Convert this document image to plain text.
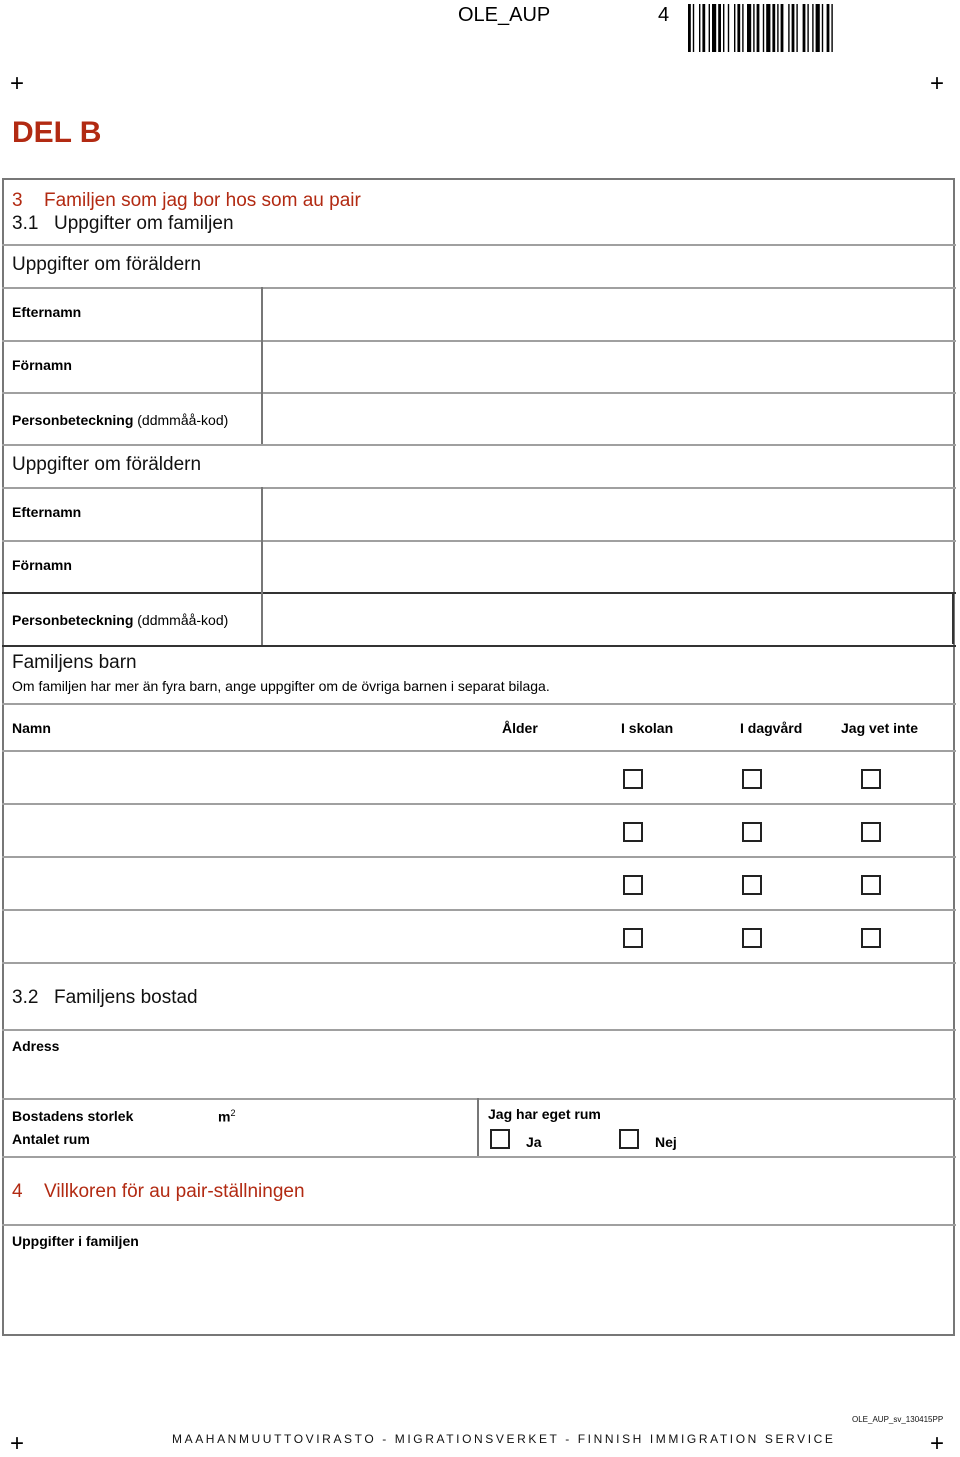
OLE_AUP	4
+	+
+	+
DEL B
3 Familjen som jag bor hos som au pair
3.1 Uppgifter om familjen
Uppgifter om föräldern
Efternamn
Förnamn
Personbeteckning (ddmmåå-kod)
Uppgifter om föräldern
Efternamn
Förnamn
Personbeteckning (ddmmåå-kod)
Familjens barn
Om familjen har mer än fyra barn, ange uppgifter om de övriga barnen i separat bilaga.
Namn	Ålder	I skolan	I dagvård	Jag vet inte
3.2 Familjens bostad
Adress
Bostadens storlek	$m^2$
Antalet rum
Jag har eget rum
Ja	Nej
4 Villkoren för au pair-ställningen
Uppgifter i familjen
OLE_AUP_sv_130415PP
MAAHANMUUTTOVIRASTO - MIGRATIONSVERKET - FINNISH IMMIGRATION SERVICE
